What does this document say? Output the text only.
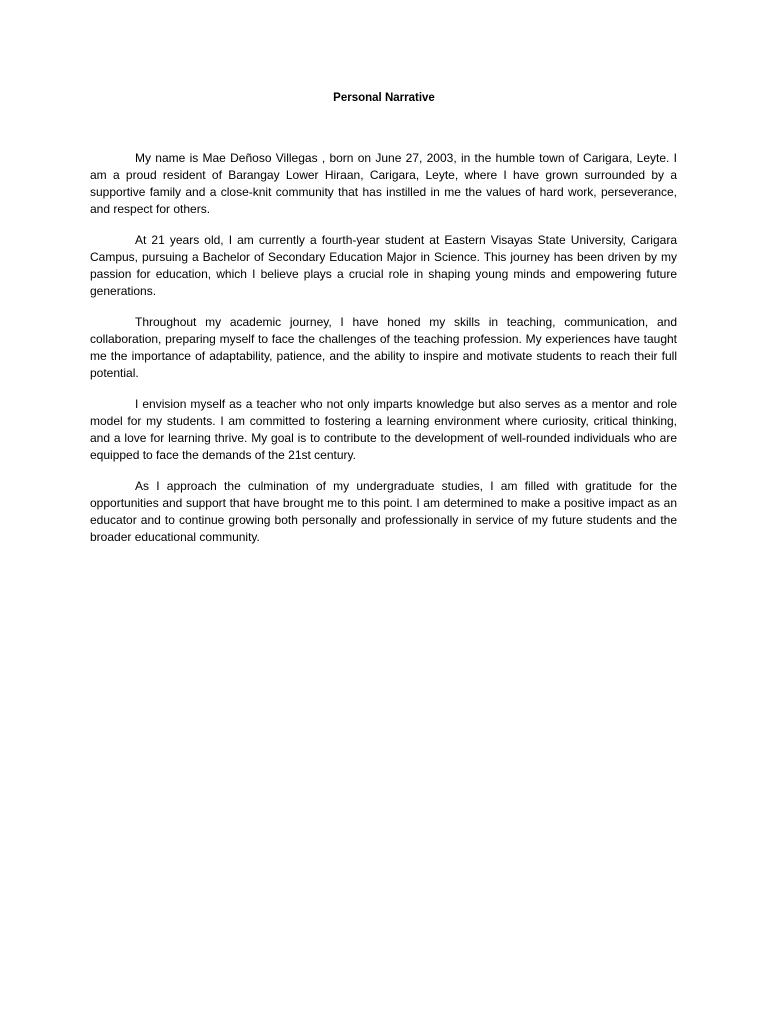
Personal Narrative

My name is Mae Deñoso Villegas , born on June 27, 2003, in the humble town of Carigara, Leyte. I am a proud resident of Barangay Lower Hiraan, Carigara, Leyte, where I have grown surrounded by a supportive family and a close-knit community that has instilled in me the values of hard work, perseverance, and respect for others.

At 21 years old, I am currently a fourth-year student at Eastern Visayas State University, Carigara Campus, pursuing a Bachelor of Secondary Education Major in Science. This journey has been driven by my passion for education, which I believe plays a crucial role in shaping young minds and empowering future generations.

Throughout my academic journey, I have honed my skills in teaching, communication, and collaboration, preparing myself to face the challenges of the teaching profession. My experiences have taught me the importance of adaptability, patience, and the ability to inspire and motivate students to reach their full potential.

I envision myself as a teacher who not only imparts knowledge but also serves as a mentor and role model for my students. I am committed to fostering a learning environment where curiosity, critical thinking, and a love for learning thrive. My goal is to contribute to the development of well-rounded individuals who are equipped to face the demands of the 21st century.

As I approach the culmination of my undergraduate studies, I am filled with gratitude for the opportunities and support that have brought me to this point. I am determined to make a positive impact as an educator and to continue growing both personally and professionally in service of my future students and the broader educational community.
